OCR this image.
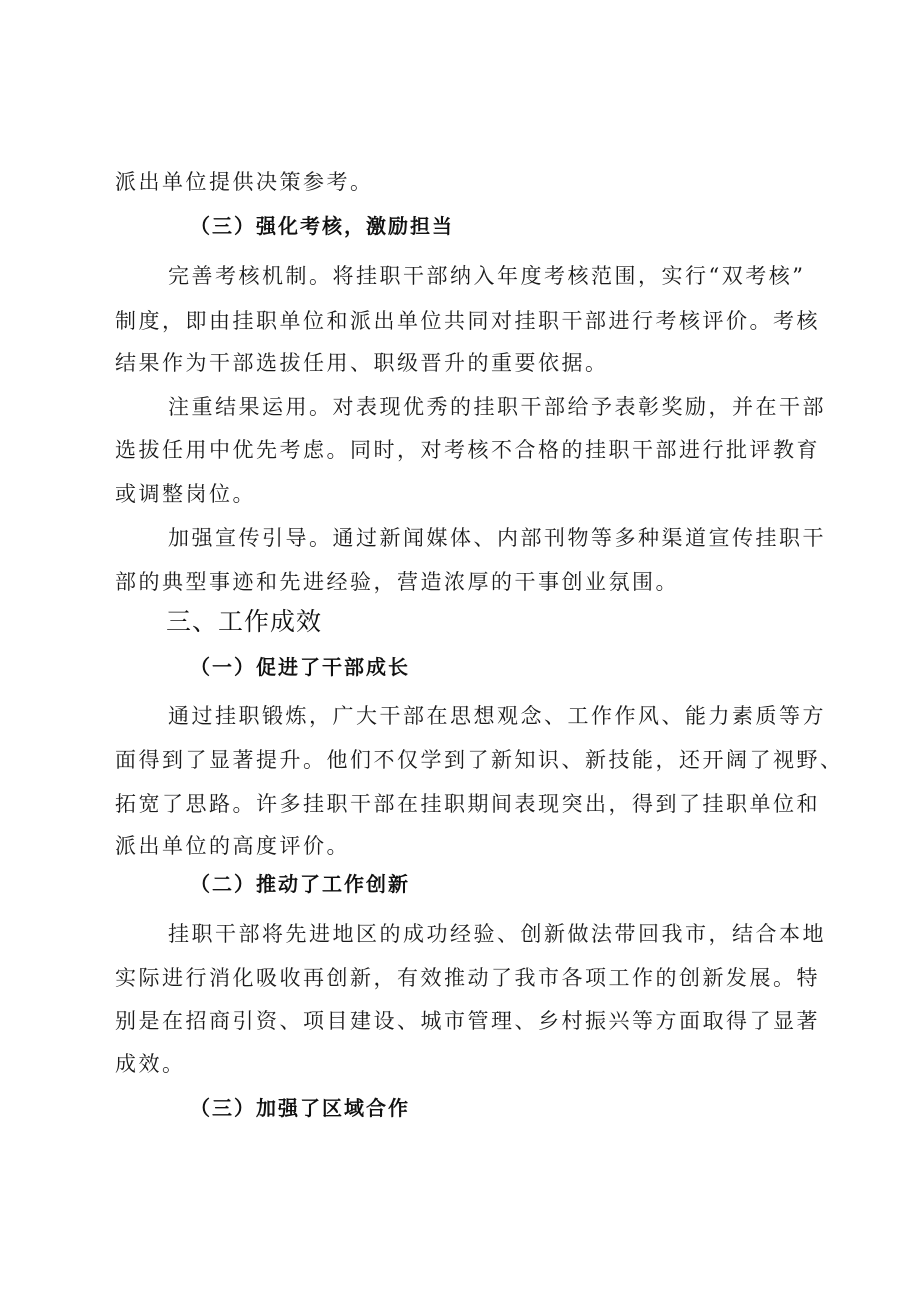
派出单位提供决策参考。
（三）强化考核，激励担当
完善考核机制。将挂职干部纳入年度考核范围，实行“双考核”
制度，即由挂职单位和派出单位共同对挂职干部进行考核评价。考核
结果作为干部选拔任用、职级晋升的重要依据。
注重结果运用。对表现优秀的挂职干部给予表彰奖励，并在干部
选拔任用中优先考虑。同时，对考核不合格的挂职干部进行批评教育
或调整岗位。
加强宣传引导。通过新闻媒体、内部刊物等多种渠道宣传挂职干
部的典型事迹和先进经验，营造浓厚的干事创业氛围。
三、工作成效
（一）促进了干部成长
通过挂职锻炼，广大干部在思想观念、工作作风、能力素质等方
面得到了显著提升。他们不仅学到了新知识、新技能，还开阔了视野、
拓宽了思路。许多挂职干部在挂职期间表现突出，得到了挂职单位和
派出单位的高度评价。
（二）推动了工作创新
挂职干部将先进地区的成功经验、创新做法带回我市，结合本地
实际进行消化吸收再创新，有效推动了我市各项工作的创新发展。特
别是在招商引资、项目建设、城市管理、乡村振兴等方面取得了显著
成效。
（三）加强了区域合作
